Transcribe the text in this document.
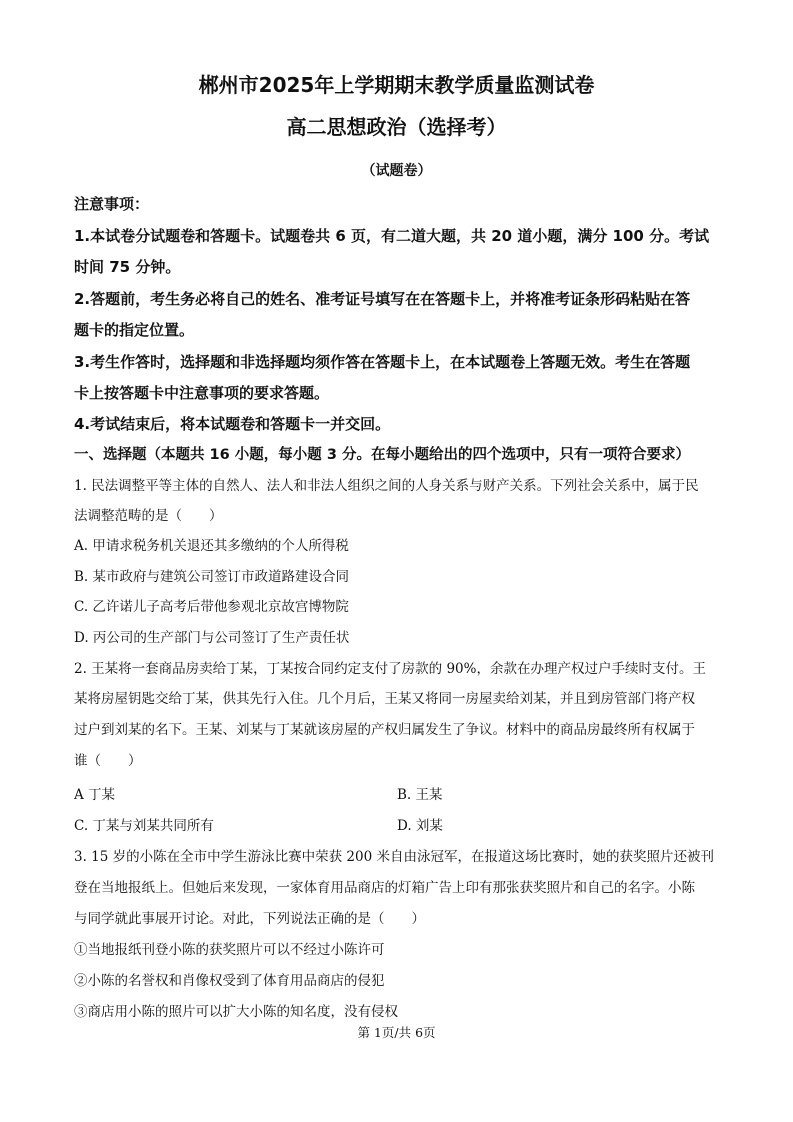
郴州市2025年上学期期末教学质量监测试卷
高二思想政治（选择考）
（试题卷）
注意事项：
1.本试卷分试题卷和答题卡。试题卷共 6 页，有二道大题，共 20 道小题，满分 100 分。考试
时间 75 分钟。
2.答题前，考生务必将自己的姓名、准考证号填写在在答题卡上，并将准考证条形码粘贴在答
题卡的指定位置。
3.考生作答时，选择题和非选择题均须作答在答题卡上，在本试题卷上答题无效。考生在答题
卡上按答题卡中注意事项的要求答题。
4.考试结束后，将本试题卷和答题卡一并交回。
一、选择题（本题共 16 小题，每小题 3 分。在每小题给出的四个选项中，只有一项符合要求）
1. 民法调整平等主体的自然人、法人和非法人组织之间的人身关系与财产关系。下列社会关系中，属于民
法调整范畴的是（　　）
A. 甲请求税务机关退还其多缴纳的个人所得税
B. 某市政府与建筑公司签订市政道路建设合同
C. 乙许诺儿子高考后带他参观北京故宫博物院
D. 丙公司的生产部门与公司签订了生产责任状
2. 王某将一套商品房卖给丁某，丁某按合同约定支付了房款的 90%，余款在办理产权过户手续时支付。王
某将房屋钥匙交给丁某，供其先行入住。几个月后，王某又将同一房屋卖给刘某，并且到房管部门将产权
过户到刘某的名下。王某、刘某与丁某就该房屋的产权归属发生了争议。材料中的商品房最终所有权属于
谁（　　）
A 丁某	B. 王某
C. 丁某与刘某共同所有	D. 刘某
3. 15 岁的小陈在全市中学生游泳比赛中荣获 200 米自由泳冠军，在报道这场比赛时，她的获奖照片还被刊
登在当地报纸上。但她后来发现，一家体育用品商店的灯箱广告上印有那张获奖照片和自己的名字。小陈
与同学就此事展开讨论。对此，下列说法正确的是（　　）
①当地报纸刊登小陈的获奖照片可以不经过小陈许可
②小陈的名誉权和肖像权受到了体育用品商店的侵犯
③商店用小陈的照片可以扩大小陈的知名度，没有侵权
第 1页/共 6页
